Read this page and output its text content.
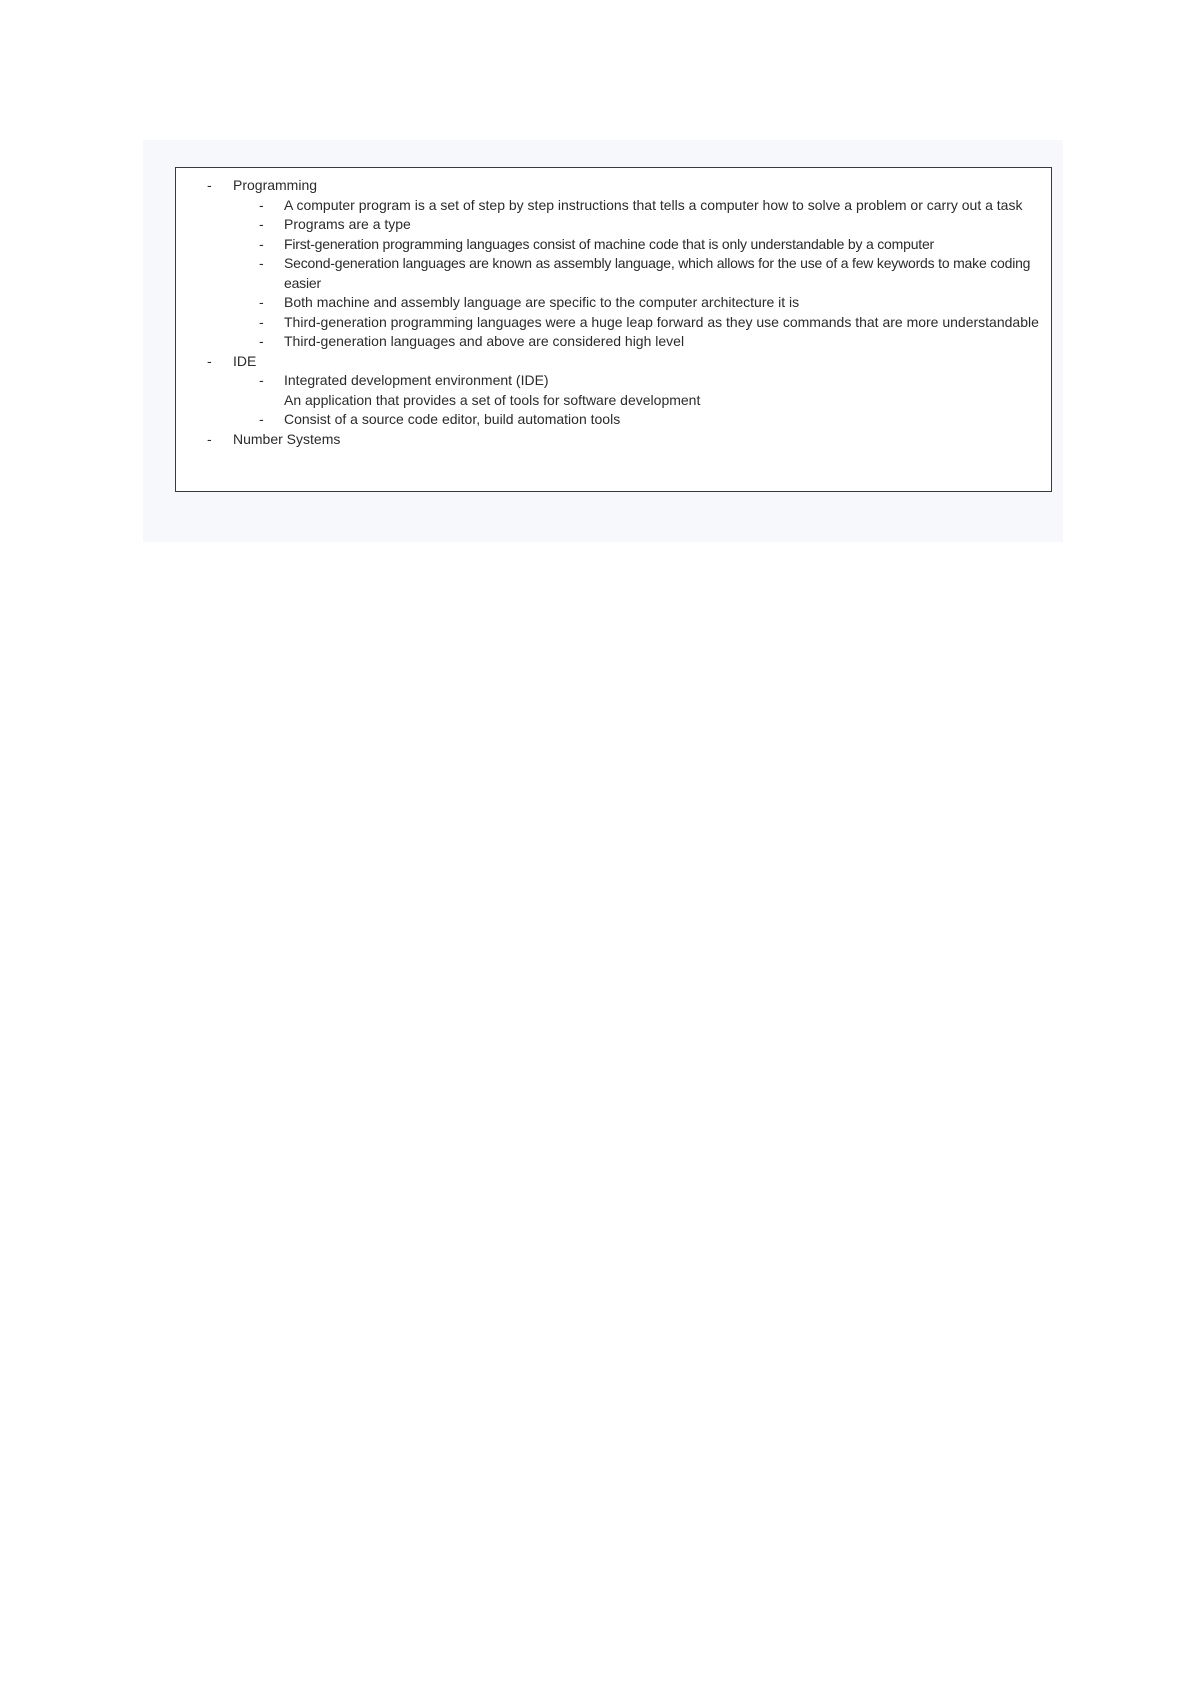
- Programming
- A computer program is a set of step by step instructions that tells a computer how to solve a problem or carry out a task
- Programs are a type
- First-generation programming languages consist of machine code that is only understandable by a computer
- Second-generation languages are known as assembly language, which allows for the use of a few keywords to make coding easier
- Both machine and assembly language are specific to the computer architecture it is
- Third-generation programming languages were a huge leap forward as they use commands that are more understandable
- Third-generation languages and above are considered high level
- IDE
- Integrated development environment (IDE)
An application that provides a set of tools for software development
- Consist of a source code editor, build automation tools
- Number Systems
